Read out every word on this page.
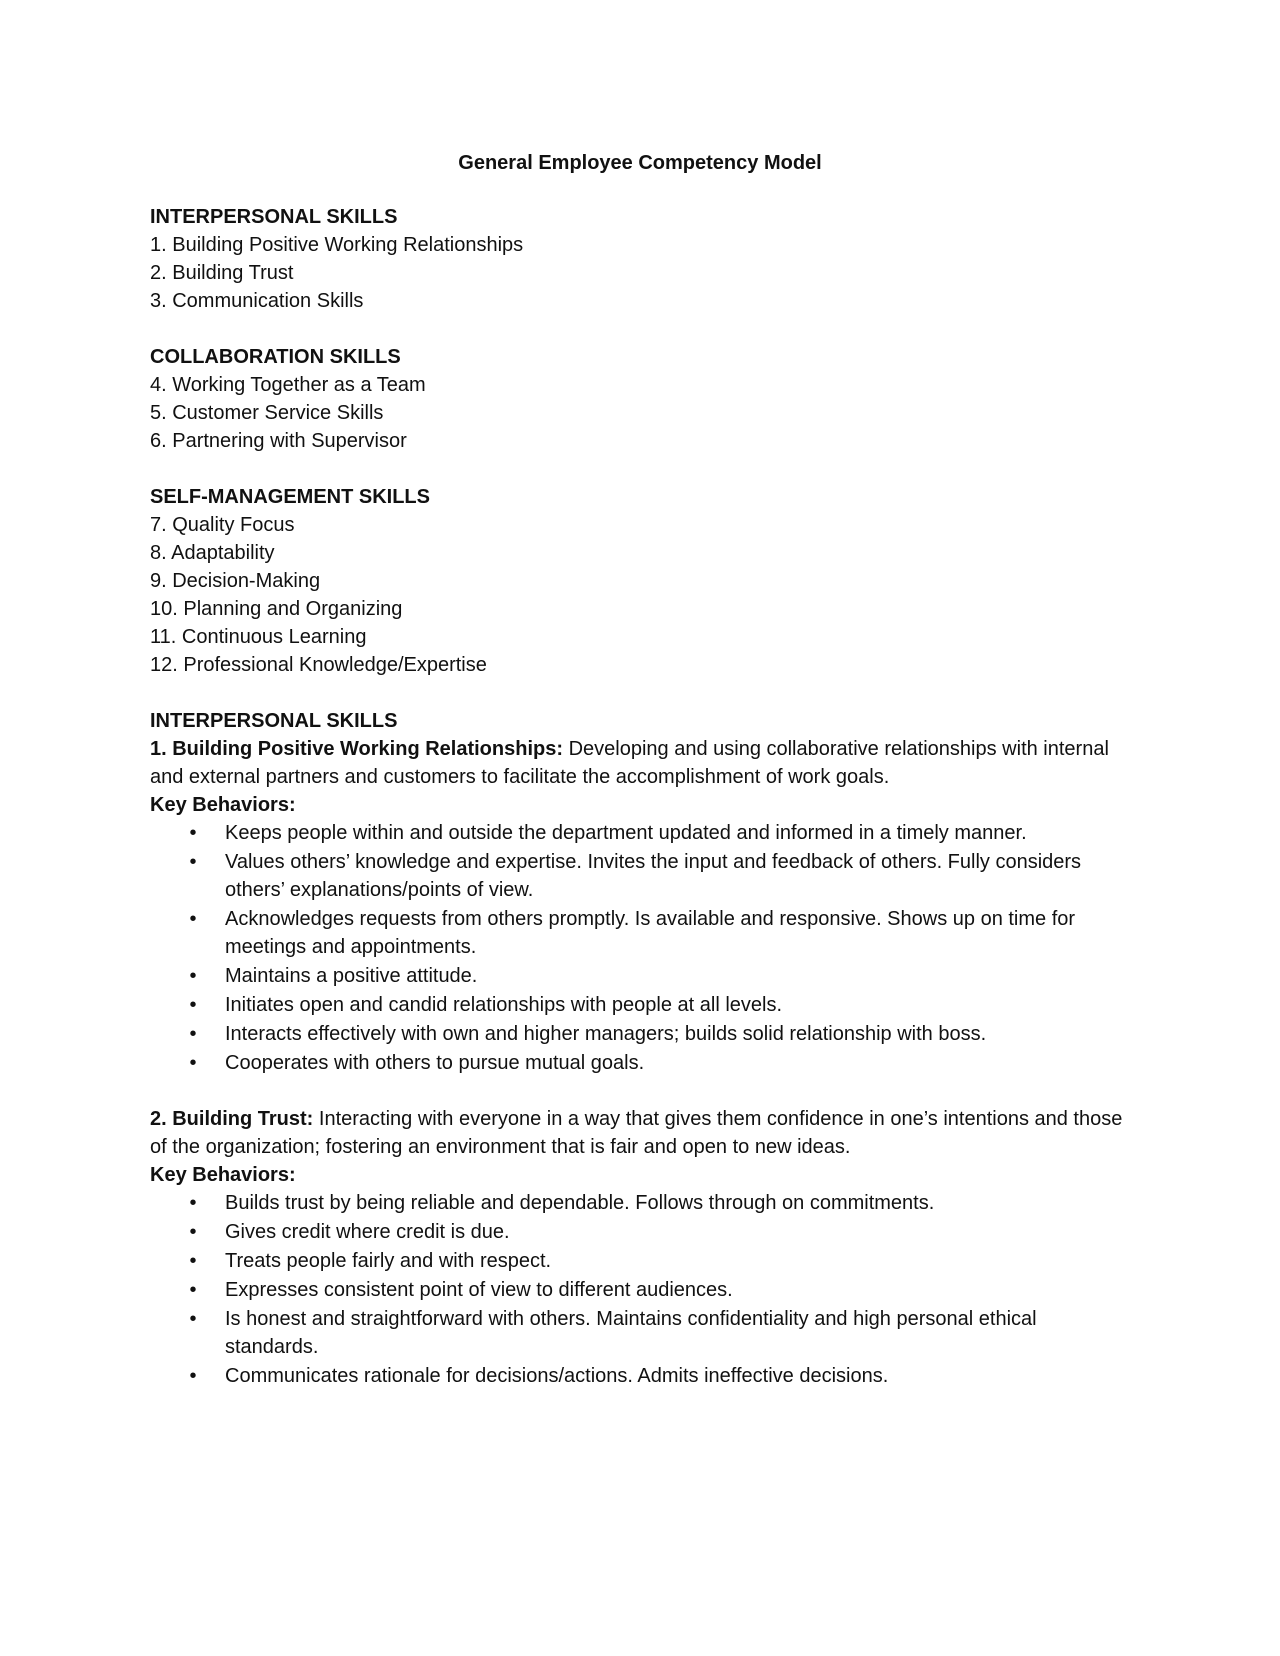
General Employee Competency Model
INTERPERSONAL SKILLS
1. Building Positive Working Relationships
2. Building Trust
3. Communication Skills
COLLABORATION SKILLS
4. Working Together as a Team
5. Customer Service Skills
6. Partnering with Supervisor
SELF-MANAGEMENT SKILLS
7. Quality Focus
8. Adaptability
9. Decision-Making
10. Planning and Organizing
11. Continuous Learning
12. Professional Knowledge/Expertise
INTERPERSONAL SKILLS

1. Building Positive Working Relationships: Developing and using collaborative relationships with internal and external partners and customers to facilitate the accomplishment of work goals.

Key Behaviors:
• Keeps people within and outside the department updated and informed in a timely manner.
• Values others’ knowledge and expertise. Invites the input and feedback of others. Fully considers others’ explanations/points of view.
• Acknowledges requests from others promptly. Is available and responsive. Shows up on time for meetings and appointments.
• Maintains a positive attitude.
• Initiates open and candid relationships with people at all levels.
• Interacts effectively with own and higher managers; builds solid relationship with boss.
• Cooperates with others to pursue mutual goals.

2. Building Trust: Interacting with everyone in a way that gives them confidence in one’s intentions and those of the organization; fostering an environment that is fair and open to new ideas.

Key Behaviors:
• Builds trust by being reliable and dependable. Follows through on commitments.
• Gives credit where credit is due.
• Treats people fairly and with respect.
• Expresses consistent point of view to different audiences.
• Is honest and straightforward with others. Maintains confidentiality and high personal ethical standards.
• Communicates rationale for decisions/actions. Admits ineffective decisions.
